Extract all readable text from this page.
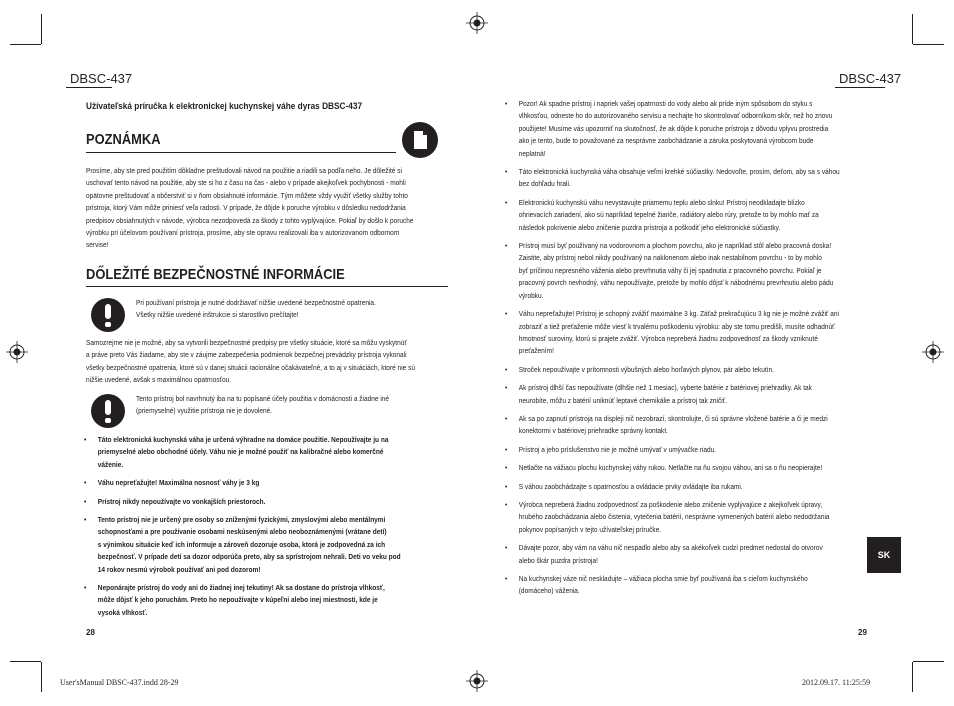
DBSC-437	DBSC-437
Užívateľská príručka k elektronickej kuchynskej váhe dyras DBSC-437
POZNÁMKA
Prosíme, aby ste pred použitím dôkladne preštudovali návod na použitie a riadili sa podľa neho. Je dôležité si
uschovať tento návod na použitie, aby ste si ho z času na čas - alebo v prípade akejkoľvek pochybnosti - mohli
opätovne preštudovať a občerstviť si v ňom obsiahnuté informácie. Tým môžete vždy využiť všetky služby tohto
prístroja, ktorý Vám môže priniesť veľa radosti. V prípade, že dôjde k poruche výrobku v dôsledku nedodržania
predpisov obsiahnutých v návode, výrobca nezodpovedá za škody z tohto vyplývajúce. Pokiaľ by došlo k poruche
výrobku pri účelovom používaní prístroja, prosíme, aby ste opravu realizovali iba v autorizovanom odbornom
servise!
DŐLEŽITÉ BEZPEČNOSTNÉ INFORMÁCIE
Pri používaní prístroja je nutné dodržiavať nižšie uvedené bezpečnostné opatrenia.
Všetky nižšie uvedené inštrukcie si starostlivo prečítajte!
Samozrejme nie je možné, aby sa vytvorili bezpečnostné predpisy pre všetky situácie, ktoré sa môžu vyskytnúť
a práve preto Vás žiadame, aby ste v záujme zabezpečenia podmienok bezpečnej prevádzky prístroja vykonali
všetky bezpečnostné opatrenia, ktoré sú v danej situácii racionálne očakávateľné, a to aj v situáciách, ktoré nie sú
nižšie uvedené, avšak s maximálnou opatrnosťou.
Tento prístroj bol navrhnutý iba na tu popísané účely použitia v domácnosti a žiadne iné
(priemyselné) využitie prístroja nie je dovolené.
• Táto elektronická kuchynská váha je určená výhradne na domáce použitie. Nepoužívajte ju na
priemyselné alebo obchodné účely. Váhu nie je možné použiť na kalibračné alebo komerčné
váženie.
• Váhu nepreťažujte! Maximálna nosnosť váhy je 3 kg
• Prístroj nikdy nepoužívajte vo vonkajších priestoroch.
• Tento prístroj nie je určený pre osoby so zníženými fyzickými, zmyslovými alebo mentálnymi
schopnosťami a pre používanie osobami neskúsenými alebo neoboznámenými (vrátane detí)
s výnimkou situácie keď ich informuje a zároveň dozoruje osoba, ktorá je zodpovedná za ich
bezpečnosť. V prípade detí sa dozor odporúča preto, aby sa sprístrojom nehrali. Deti vo veku pod
14 rokov nesmú výrobok používať ani pod dozorom!
• Neponárajte prístroj do vody ani do žiadnej inej tekutiny! Ak sa dostane do prístroja vlhkosť,
môže dôjsť k jeho poruchám. Preto ho nepoužívajte v kúpeľni alebo inej miestnosti, kde je
vysoká vlhkosť.
28
• Pozor! Ak spadne prístroj i napriek vašej opatrnosti do vody alebo ak príde iným spôsobom do styku s
vlhkosťou, odneste ho do autorizovaného servisu a nechajte ho skontrolovať odborníkom skôr, než ho znovu
použijete! Musíme vás upozorniť na skutočnosť, že ak dôjde k poruche prístroja z dôvodu vplyvu prostredia
ako je tento, bude to považované za nesprávne zaobchádzanie a záruka poskytovaná výrobcom bude
neplatná!
• Táto elektronická kuchynská váha obsahuje veľmi krehké súčiastky. Nedovoľte, prosím, deťom, aby sa s váhou
bez dohľadu hrali.
• Elektronickú kuchynskú váhu nevystavujte priamemu teplu alebo slnku! Prístroj neodkladajte blízko
ohrievacích zariadení, ako sú napríklad tepelné žiariče, radiátory alebo rúry, pretože to by mohlo mať za
následok pokrivenie alebo zničenie puzdra prístroja a poškodiť jeho elektronické súčiastky.
• Prístroj musí byť používaný na vodorovnom a plochom povrchu, ako je napríklad stôl alebo pracovná doska!
Zaistite, aby prístroj nebol nikdy používaný na naklonenom alebo inak nestabilnom povrchu - to by mohlo
byť príčinou nepresného váženia alebo prevrhnutia váhy či jej spadnutia z pracovného povrchu. Pokiaľ je
pracovný povrch nevhodný, váhu nepoužívajte, pretože by mohlo dôjsť k nábodnému prevrhnutiu alebo pádu
výrobku.
• Váhu nepreťažujte! Prístroj je schopný zvážiť maximálne 3 kg. Záťaž prekračujúcu 3 kg nie je možné zvážiť ani
zobraziť a tiež preťaženie môže viesť k trvalému poškodeniu výrobku: aby ste tomu predišli, musíte odhadnúť
hmotnosť suroviny, ktorú si prajete zvážiť. Výrobca nepreberá žiadnu zodpovednosť za škody vzniknuté
preťažením!
• Stroček nepoužívajte v prítomnosti výbušných alebo horľavých plynov, pár alebo tekutín.
• Ak prístroj dlhší čas nepoužívate (dlhšie než 1 mesiac), vyberte batérie z batériovej priehradky. Ak tak
neurobíte, môžu z batérií uniknúť leptavé chemikálie a prístroj tak zničiť.
• Ak sa po zapnutí prístroja na displeji nič nezobrazí, skontrolujte, či sú správne vložené batérie a či je medzi
konektormi v batériovej priehradke správny kontakt.
• Prístroj a jeho príslušenstvo nie je možné umývať v umývačke riadu.
• Netlačte na vážiacu plochu kuchynskej váhy rukou. Netlačte na ňu svojou váhou, ani sa o ňu neopierajte!
• S váhou zaobchádzajte s opatrnosťou a ovládacie prvky ovládajte iba rukami.
• Výrobca nepreberá žiadnu zodpovednosť za poškodenie alebo zničenie vyplývajúce z akejkoľvek úpravy,
hrubého zaobchádzania alebo čistenia, vytečenia batérií, nesprávne vymenených batérií alebo nedodržania
pokynov popísaných v tejto užívateľskej príručke.
• Dávajte pozor, aby vám na váhu nič nespadlo alebo aby sa akékoľvek cudzí predmet nedostal do otvorov
alebo škár puzdra prístroja!
• Na kuchynskej váze nič neskladujte – vážiaca plocha smie byť používaná iba s cieľom kuchynského
(domáceho) váženia.
SK
29
User'sManual DBSC-437.indd 28-29	2012.09.17. 11:25:59
